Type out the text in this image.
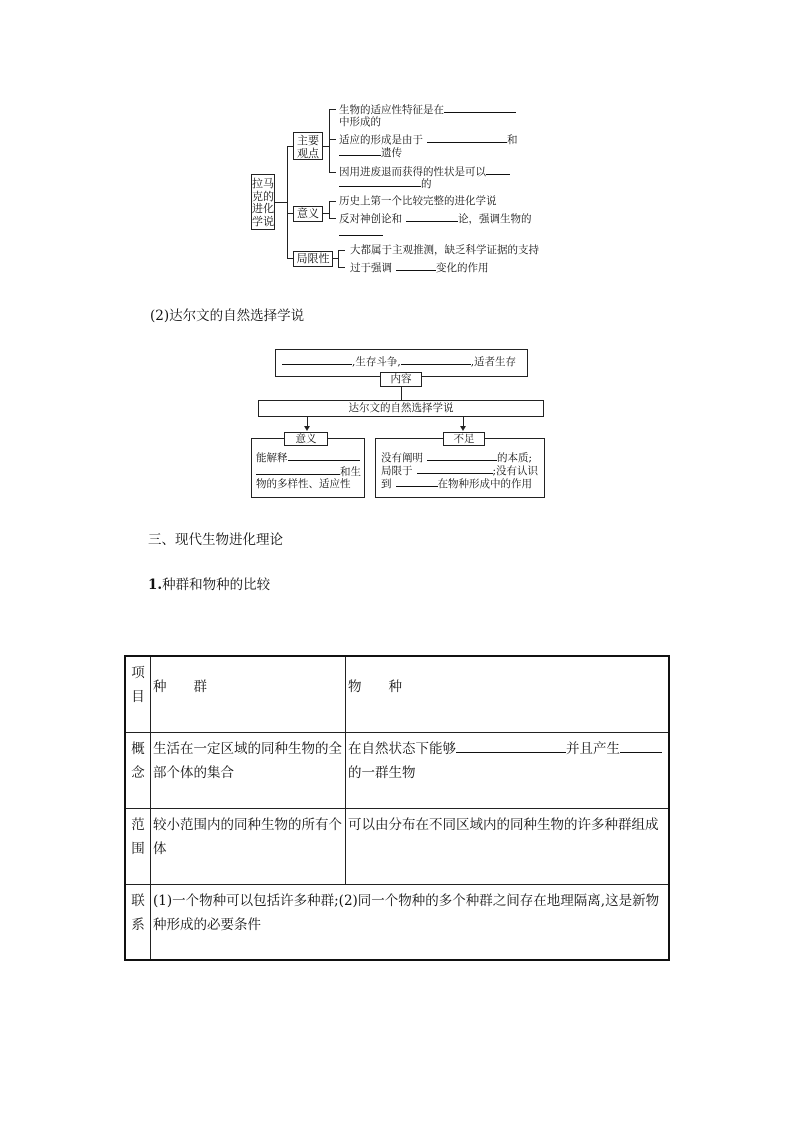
拉马克的进化学说
主要观点
生物的适应性特征是在
中形成的
适应的形成是由于	和
遗传
因用进废退而获得的性状是可以
的
意义
历史上第一个比较完整的进化学说
反对神创论和	论，强调生物的
局限性
大都属于主观推测，缺乏科学证据的支持
过于强调	变化的作用
(2)达尔文的自然选择学说
,生存斗争,	,适者生存
内容
达尔文的自然选择学说
意义
能解释
和生
物的多样性、适应性
不足
没有阐明	的本质;
局限于	;没有认识
到	在物种形成中的作用
三、现代生物进化理论
1.种群和物种的比较
项目	种　　群	物　　种
概念	生活在一定区域的同种生物的全部个体的集合	在自然状态下能够 并且产生
的一群生物
范围	较小范围内的同种生物的所有个体	可以由分布在不同区域内的同种生物的许多种群组成
联系	(1)一个物种可以包括许多种群;(2)同一个物种的多个种群之间存在地理隔离,这是新物种形成的必要条件	
